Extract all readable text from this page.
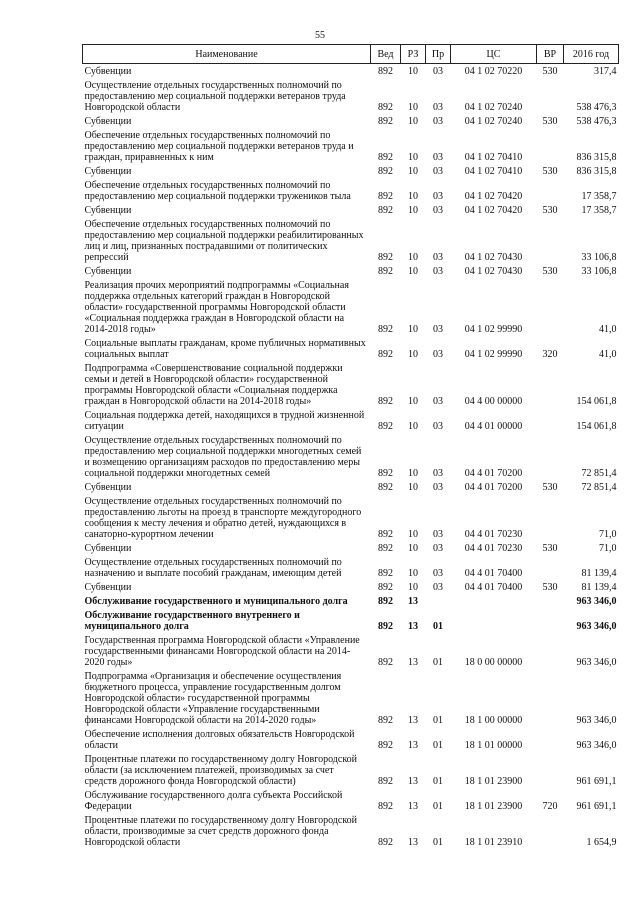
55
Наименование	Вед	РЗ	Пр	ЦС	ВР	2016 год
Субвенции	892	10	03	04 1 02 70220	530	317,4
Осуществление отдельных государственных полномочий по предоставлению мер социальной поддержки ветеранов труда Новгородской области	892	10	03	04 1 02 70240		538 476,3
Субвенции	892	10	03	04 1 02 70240	530	538 476,3
Обеспечение отдельных государственных полномочий по предоставлению мер социальной поддержки ветеранов труда и граждан, приравненных к ним	892	10	03	04 1 02 70410		836 315,8
Субвенции	892	10	03	04 1 02 70410	530	836 315,8
Обеспечение отдельных государственных полномочий по предоставлению мер социальной поддержки тружеников тыла	892	10	03	04 1 02 70420		17 358,7
Субвенции	892	10	03	04 1 02 70420	530	17 358,7
Обеспечение отдельных государственных полномочий по предоставлению мер социальной поддержки реабилитированных лиц и лиц, признанных пострадавшими от политических репрессий	892	10	03	04 1 02 70430		33 106,8
Субвенции	892	10	03	04 1 02 70430	530	33 106,8
Реализация прочих мероприятий подпрограммы «Социальная поддержка отдельных категорий граждан в Новгородской области» государственной программы Новгородской области «Социальная поддержка граждан в Новгородской области на 2014-2018 годы»	892	10	03	04 1 02 99990		41,0
Социальные выплаты гражданам, кроме публичных нормативных социальных выплат	892	10	03	04 1 02 99990	320	41,0
Подпрограмма «Совершенствование социальной поддержки семьи и детей в Новгородской области» государственной программы Новгородской области «Социальная поддержка граждан в Новгородской области на 2014-2018 годы»	892	10	03	04 4 00 00000		154 061,8
Социальная поддержка детей, находящихся в трудной жизненной ситуации	892	10	03	04 4 01 00000		154 061,8
Осуществление отдельных государственных полномочий по предоставлению мер социальной поддержки многодетных семей и возмещению организациям расходов по предоставлению меры социальной поддержки многодетных семей	892	10	03	04 4 01 70200		72 851,4
Субвенции	892	10	03	04 4 01 70200	530	72 851,4
Осуществление отдельных государственных полномочий по предоставлению льготы на проезд в транспорте междугородного сообщения к месту лечения и обратно детей, нуждающихся в санаторно-курортном лечении	892	10	03	04 4 01 70230		71,0
Субвенции	892	10	03	04 4 01 70230	530	71,0
Осуществление отдельных государственных полномочий по назначению и выплате пособий гражданам, имеющим детей	892	10	03	04 4 01 70400		81 139,4
Субвенции	892	10	03	04 4 01 70400	530	81 139,4
Обслуживание государственного и муниципального долга	892	13				963 346,0
Обслуживание государственного внутреннего и муниципального долга	892	13	01			963 346,0
Государственная программа Новгородской области «Управление государственными финансами Новгородской области на 2014-2020 годы»	892	13	01	18 0 00 00000		963 346,0
Подпрограмма «Организация и обеспечение осуществления бюджетного процесса, управление государственным долгом Новгородской области» государственной программы Новгородской области «Управление государственными финансами Новгородской области на 2014-2020 годы»	892	13	01	18 1 00 00000		963 346,0
Обеспечение исполнения долговых обязательств Новгородской области	892	13	01	18 1 01 00000		963 346,0
Процентные платежи по государственному долгу Новгородской области (за исключением платежей, производимых за счет средств дорожного фонда Новгородской области)	892	13	01	18 1 01 23900		961 691,1
Обслуживание государственного долга субъекта Российской Федерации	892	13	01	18 1 01 23900	720	961 691,1
Процентные платежи по государственному долгу Новгородской области, производимые за счет средств дорожного фонда Новгородской области	892	13	01	18 1 01 23910		1 654,9
